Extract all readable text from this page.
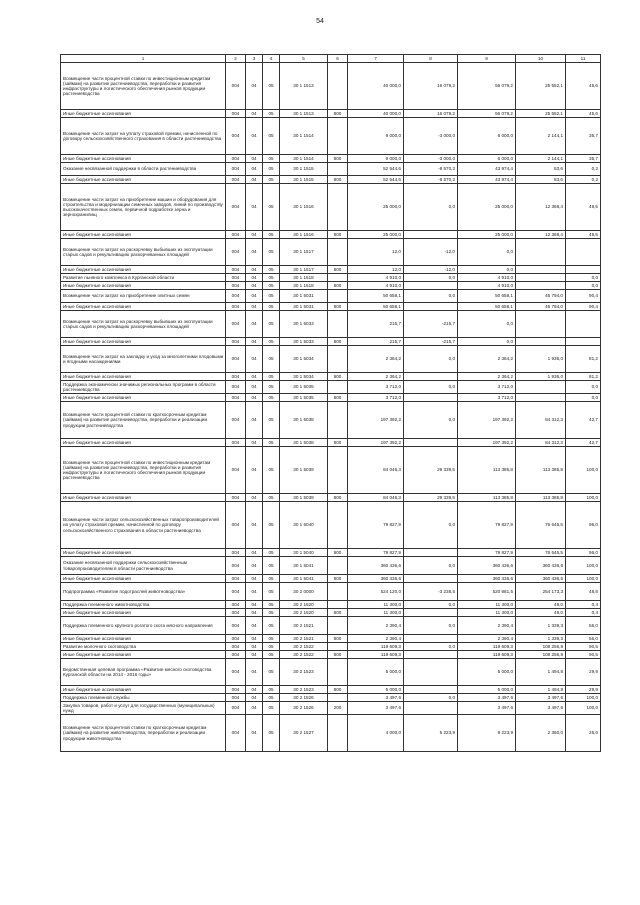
54
1	2	3	4	5	6	7	8	9	10	11
Возмещение части процентной ставки по инвестиционным кредитам (займам) на развитие растениеводства, переработки и развития инфраструктуры и логистического обеспечения рынков продукции растениеводства	004	04	05	30 1 1513		40 000,0	16 079,2	56 079,2	25 552,1	45,6
Иные бюджетные ассигнования	004	04	05	30 1 1513	800	40 000,0	16 079,2	56 079,2	25 552,1	45,6
Возмещение части затрат на уплату страховой премии, начисленной по договору сельскохозяйственного страхования в области растениеводства	004	04	05	30 1 1514		9 000,0	-3 000,0	6 000,0	2 144,1	35,7
Иные бюджетные ассигнования	004	04	05	30 1 1514	800	9 000,0	-3 000,0	6 000,0	2 144,1	35,7
Оказание несвязанной поддержки в области растениеводства	004	04	05	30 1 1515		52 544,6	-8 570,2	43 974,4	83,6	0,2
Иные бюджетные ассигнования	004	04	05	30 1 1515	800	52 544,6	-8 570,2	43 974,4	83,6	0,2
Возмещение части затрат на приобретение машин и оборудования для строительства и модернизации семенных заводов, линий по производству высококачественных семян, первичной подработке зерна и зернохранилищ	004	04	05	30 1 1516		25 000,0	0,0	25 000,0	12 368,4	49,5
Иные бюджетные ассигнования	004	04	05	30 1 1516	800	25 000,0		25 000,0	12 368,4	49,5
Возмещение части затрат на раскорчевку выбывших из эксплуатации старых садов и рекультивацию раскорчеванных площадей	004	04	05	30 1 1517		12,0	-12,0	0,0		
Иные бюджетные ассигнования	004	04	05	30 1 1517	800	12,0	-12,0	0,0		
Развитие льняного комплекса в Курганской области	004	04	05	30 1 1518		4 910,0	0,0	4 910,0		0,0
Иные бюджетные ассигнования	004	04	05	30 1 1518	800	4 910,0		4 910,0		0,0
Возмещение части затрат на приобретение элитных семян	004	04	05	30 1 5031		50 658,1	0,0	50 658,1	45 794,0	90,4
Иные бюджетные ассигнования	004	04	05	30 1 5031	800	50 658,1		50 658,1	45 794,0	90,4
Возмещение части затрат на раскорчевку выбывших из эксплуатации старых садов и рекультивацию раскорчеванных площадей	004	04	05	30 1 5033		215,7	-215,7	0,0		
Иные бюджетные ассигнования	004	04	05	30 1 5033	800	215,7	-215,7	0,0		
Возмещение части затрат на закладку и уход за многолетними плодовыми и ягодными насаждениями	004	04	05	30 1 5034		2 364,2	0,0	2 364,2	1 936,0	81,2
Иные бюджетные ассигнования	004	04	05	30 1 5034	800	2 364,2		2 364,2	1 936,0	81,2
Поддержка экономически значимых региональных программ в области растениеводства	004	04	05	30 1 5035		3 712,0	0,0	3 712,0		0,0
Иные бюджетные ассигнования	004	04	05	30 1 5035	800	3 712,0		3 712,0		0,0
Возмещение части процентной ставки по краткосрочным кредитам (займам) на развитие растениеводства, переработки и реализации продукции растениеводства	004	04	05	30 1 5038		197 392,2	0,0	197 392,2	84 312,3	42,7
Иные бюджетные ассигнования	004	04	05	30 1 5038	800	197 392,2		197 392,2	84 312,3	42,7
Возмещение части процентной ставки по инвестиционным кредитам (займам) на развитие растениеводства, переработки и развития инфраструктуры и логистического обеспечения рынков продукции растениеводства	004	04	05	30 1 5039		84 046,3	29 339,5	113 385,8	113 385,8	100,0
Иные бюджетные ассигнования	004	04	05	30 1 5039	800	84 046,3	29 339,5	113 385,8	113 385,8	100,0
Возмещение части затрат сельскохозяйственных товаропроизводителей на уплату страховой премии, начисленной по договору сельскохозяйственного страхования в области растениеводства	004	04	05	30 1 5040		79 827,9	0,0	79 827,9	76 645,5	96,0
Иные бюджетные ассигнования	004	04	05	30 1 5040	800	79 827,9		79 827,9	76 645,5	96,0
Оказание несвязанной поддержки сельскохозяйственным товаропроизводителям в области растениеводства	004	04	05	30 1 5041		360 436,6	0,0	360 436,6	360 436,6	100,0
Иные бюджетные ассигнования	004	04	05	30 1 5041	800	360 436,6		360 436,6	360 436,6	100,0
Подпрограмма «Развитие подотраслей животноводства»	004	04	05	30 2 0000		524 120,0	-3 238,5	520 881,5	254 173,3	48,8
Поддержка племенного животноводства	004	04	05	30 2 1520		11 300,0	0,0	11 300,0	49,0	0,4
Иные бюджетные ассигнования	004	04	05	30 2 1520	800	11 300,0		11 300,0	49,0	0,4
Поддержка племенного крупного рогатого скота мясного направления	004	04	05	30 2 1521		2 390,4	0,0	2 390,4	1 339,3	56,0
Иные бюджетные ассигнования	004	04	05	30 2 1521	800	2 390,4		2 390,4	1 339,3	56,0
Развитие молочного скотоводства	004	04	05	30 2 1522		119 609,3	0,0	119 609,3	108 256,8	90,5
Иные бюджетные ассигнования	004	04	05	30 2 1522	800	119 609,3		119 609,3	108 256,8	90,5
Ведомственная целевая программа «Развитие мясного скотоводства Курганской области на 2014 - 2016 годы»	004	04	05	30 2 1523		5 000,0		5 000,0	1 494,8	29,9
Иные бюджетные ассигнования	004	04	05	30 2 1523	800	5 000,0		5 000,0	1 494,8	29,9
Поддержка племенной службы	004	04	05	30 2 1526		3 497,6	0,0	3 497,6	3 497,6	100,0
Закупка товаров, работ и услуг для государственных (муниципальных) нужд	004	04	05	30 2 1526	200	3 497,6		3 497,6	3 497,6	100,0
Возмещение части процентной ставки по краткосрочным кредитам (займам) на развитие животноводства, переработки и реализации продукции животноводства	004	04	05	30 2 1527		4 000,0	5 223,9	9 223,9	2 360,0	25,6
